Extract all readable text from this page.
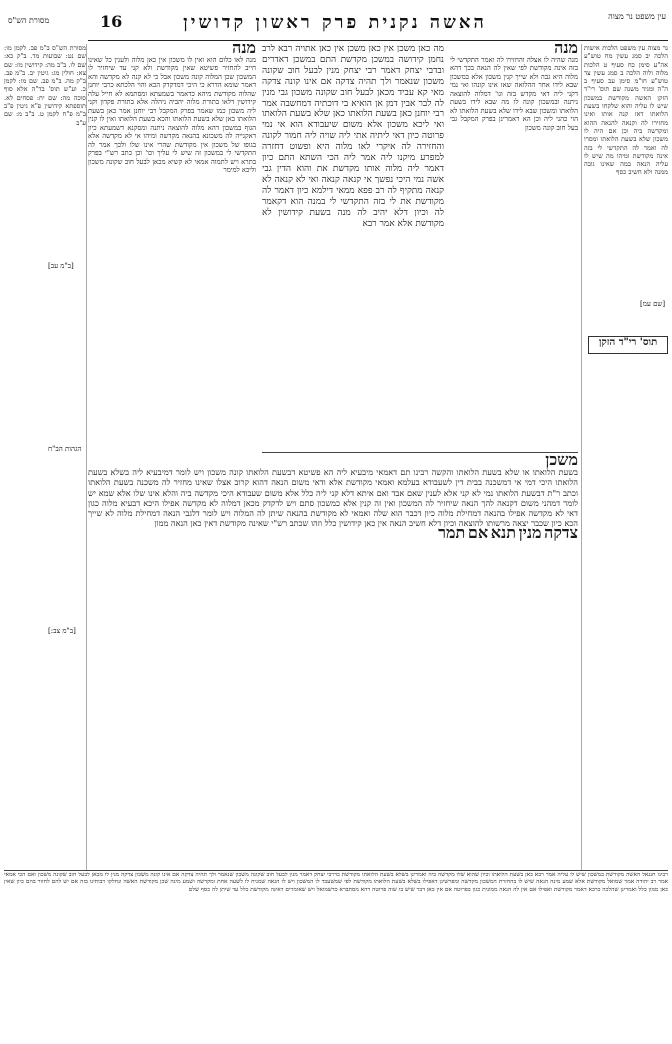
מסורת הש"ס	16	האשה נקנית פרק ראשון קדושין	עין משפט נר מצוה

מסורת הש"ס ב"מ פב. לקמן מו: שם נט: שבועות מד. ב"ק כא: שם לו. ב"ב מה: קידושין מז: שם צא: חולין מג: גיטין יב. ב"מ פב. ב"ק מה. ב"מ פב. שם מו: לקמן כ. וע"ש תוס' בד"ה אלא סוף סוכה מה: שם יח: פסחים לא. תוספתא קידושין פ"א גיטין פ"ב ב"מ פ"ח לקמן ט. ב"ב מ: שם ע"ב

מנה

מנה לאו כלום הוא ואין לו משכון אין כאן מלוה ולענין כל שאינו חייב להחזיר פשיטא שאין מקודשת ולא קני עד שיחזיר לו המשכון שכן המלוה קונה משכון אבל כי לא קנה לא מקדשה והא דאמר שומא הדרא כי היכי דמדקדק הכא והוי הלכתא כרבי יוחנן שהלוה מקודשת מיהא כדאמר בשמעתא ומסתמא לא חייל עלה קידושין דלאו בתורת מלוה יהביה ניהלה אלא בתורת פקדון וקני ליה משכון כמו שאמר בפרק המקבל רבי יוחנן אמר כאן בשעת הלואתו כאן שלא בשעת הלואתו והכא בשעת הלואתו ואין לו קנין הגוף במשכון דהא מלוה להוצאה ניתנה ומסקנא דשמעתא כיון דאקנייה לה משכונא בהנאה מקדשה ומיהו אי לא מקדשה אלא בגופו של משכון אין מקודשת שהרי אינו שלו ולכך אמר לה התקדשי לי במשכון זה שיש לי עליך וכו' וכן כתב רש"י בפרק בתרא ויש לתמוה אמאי לא קשיא מכאן לבעל חוב שקונה משכון וליכא למימר

מה כאן משכן אין כאן משכן אין כאן אתויה רבא לרב נחמן קידושה במשכן מקדשת התם במשכן דאדרים ובדבי יצחק דאמר רבי יצחק מנין לבעל חוב שקונה משכון שנאמר ולך תהיה צדקה אם אינו קונה צדקה מאי קא עביד מכאן לבעל חוב שקונה משכון גבי מנין לה לבר אבין דמן אן הואיא בי דוכתיה דמחשבה אמר רבי יוחנן כאן בשעת הלואתו כאן שלא בשעת הלואתו ואי ליכא משכון אלא משום שיעבודא הוא אי נמי פרוטה כיון דאי ליתיה אתי ליה שויה ליה חמור לקונה והחזירה לה איקרי לאו מלוה היא ופשוט דחזרה למפרע מיקנו ליה אמר ליה הכי השתא התם כיון דאמר ליה מלוה אותו מקדשת את והוא הדין גבי אשה נמי היכי נפשך אי קנאה קנאה ואי לא קנאה לא קנאה מתקיף לה רב פפא ממאי דילמא כיון דאמר לה מקודשת את לי בזה התקדשי לי במנה הוא דקאמר לה וכיון דלא יהיב לה מנה בשעת קידושין לא מקודשת אלא אמר רבא

מנה

מנה שהיה לו אצלה והחזירו לה ואמר התקדשי לי בזה אינה מקודשת לפי שאין לה הנאה בכך דהא מלוה היא גבה ולא שייך קנין משכון אלא במשכון שבא לידו אחר ההלואה שאז אינו קונהו ואי נמי דקני ליה דאי מקדש בזה וגו' דמלוה להוצאה ניתנה ובמשכון קונה לו מה שבא לידו בשעת הלואתו ומשכון שבא לידו שלא בשעת הלואתו לא הוי כהני ליה וכן הא דאמרינן בפרק המקבל גבי בעל חוב קונה משכון

נר מצוה עין משפט הלכות אישות הלכה יב סמג עשין מח טוש"ע אה"ע סימן כח סעיף ט הלכות מלוה ולוה הלכה ב סמג עשין צד טוש"ע חו"מ סימן עב סעיף ב ה"ה ומגיד משנה שם תוס' רי"ד הזקן האשה מקודשת במשכון שיש לו עליה והוא שלקחו בשעת הלואתו דאז קנה אותו ואינו מחזירו לה וקנאה להנאה ההוא ומקדשה ביה וכן אם היה לו משכון שלא בשעת הלואתו ומסרו לה ואמר לה התקדשי לי בזה אינה מקודשת ומיהו מה שיש לו עליה הנאה במה שאינו גובה ממנה ולא חשיב כסף

תוס' רי"ד הזקן
[שם עמ]
הגהות הב"ח
[ב"מ עב]
[ב"מ צב:]
משכן

בשעת הלואתו או שלא בשעת הלואתו והקשה רבינו תם דאמאי מיבעיא ליה הא פשיטא דבשעת הלואתו קונה משכון ויש לומר דמיבעיא ליה בשלא בשעת הלואתו היכי דמי אי דמשכנה בבית דין לשעבודא בעלמא ואמאי מקודשת אלא ודאי משום הנאה דהוא קרוב אצלו שאינו מחזיר לה משכנה בשעת הלואתו וכתב ר"ת דבשעת הלואתו נמי לא קני אלא לענין שאם אבד ואם איתא דלא קני ליה כלל אלא משום שעבודא היכי מקדשה ביה והלא אינו שלו אלא שמא יש לומר דמהני משום דקנאה להך הנאה שיחזיר לה המשכון ואין זה קנין אלא כמשכון סתם ויש לדקדק מכאן דמלוה לא מקדשה אפילו היכא דבעיא מלוה כגון דאי לא מקדשה אפילו בהנאה דמחילת מלוה כיון דכבר הוא שלה ואמאי לא מקודשת בהנאה שיתן לה המלוה ויש לומר דלגבי הנאה דמחילת מלוה לא שייך הכא כיון שכבר יצאה מרשותו להוצאה וכיון דלא חשיב הנאה אין כאן קידושין כלל וזהו שכתב רש"י שאינה מקודשת דאין כאן הנאה ממון

צדקה מנין תנא אם תמר

רבינו חננאל האשה מקודשת במשכון שיש לו עליה אמר רבא כאן בשעת הלואתו וכיון שהוא שלו מקדשה ביה ואמרינן בשלא בשעת הלואתו מקודשת כדרבי יצחק דאמר מנין לבעל חוב שקונה משכון שנאמר ולך תהיה צדקה אם אינו קונה משכון צדקה מנין לו מכאן לבעל חוב שקונה משכון ואם הכי אמאי אמר רב יהודה אמר שמואל מקודשת אלא שמע מינה הנאה שיש לו בהחזרת המשכון מקדשה ומפרשינן דאפילו בשלא בשעת הלואתו מקודשת לפי שמשעבד לו המשכון ויש לו הנאה שמניח לו לשעה אחת ומקדשה ושמע מינה שכן מקודשת האשה ונחלקו רבותינו בזה אם יש להם לחזור בהם כיון שאין כאן ממון כלל ואמרינן שהלכה כרבא דאמר מקודשת ואפילו אם אין לה הנאה ממונית כגון בפרוטה אם אין כאן דבר שיש בו שוה פרוטה דהא מסתברא כדשמואל ויש שאומרים דאינה מקודשת כלל עד שיתן לה כסף שלם
